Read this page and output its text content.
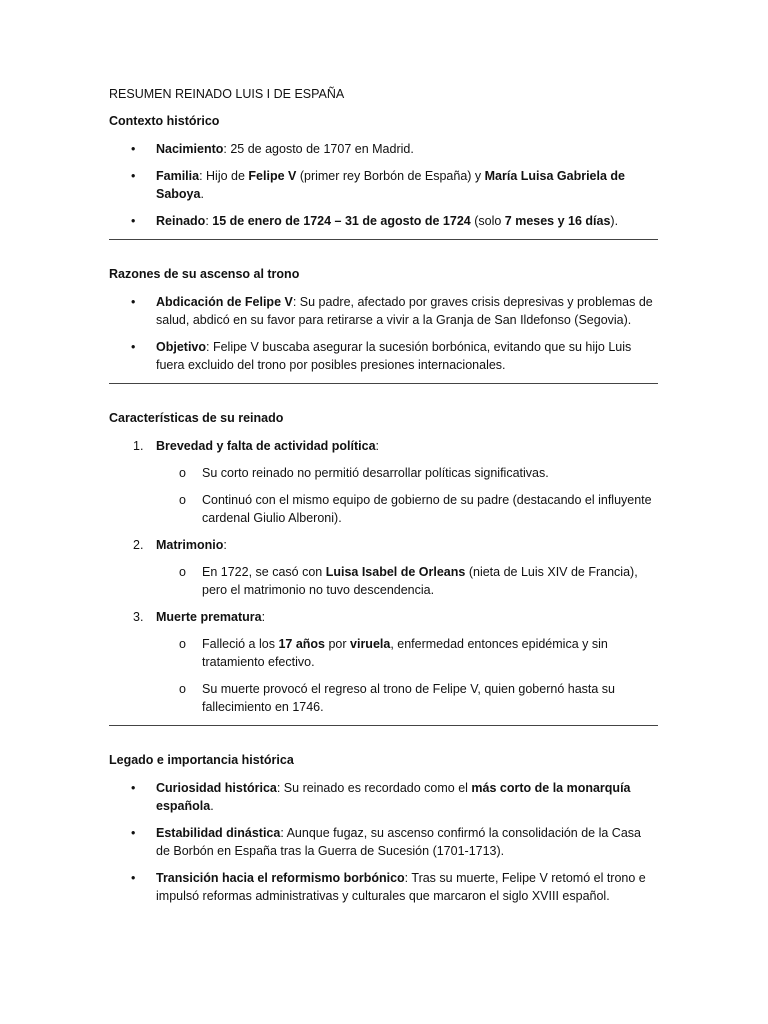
RESUMEN REINADO LUIS I DE ESPAÑA

Contexto histórico

• Nacimiento: 25 de agosto de 1707 en Madrid.
• Familia: Hijo de Felipe V (primer rey Borbón de España) y María Luisa Gabriela de Saboya.
• Reinado: 15 de enero de 1724 – 31 de agosto de 1724 (solo 7 meses y 16 días).

Razones de su ascenso al trono

• Abdicación de Felipe V: Su padre, afectado por graves crisis depresivas y problemas de salud, abdicó en su favor para retirarse a vivir a la Granja de San Ildefonso (Segovia).
• Objetivo: Felipe V buscaba asegurar la sucesión borbónica, evitando que su hijo Luis fuera excluido del trono por posibles presiones internacionales.

Características de su reinado

1. Brevedad y falta de actividad política:
o Su corto reinado no permitió desarrollar políticas significativas.
o Continuó con el mismo equipo de gobierno de su padre (destacando el influyente cardenal Giulio Alberoni).
2. Matrimonio:
o En 1722, se casó con Luisa Isabel de Orleans (nieta de Luis XIV de Francia), pero el matrimonio no tuvo descendencia.
3. Muerte prematura:
o Falleció a los 17 años por viruela, enfermedad entonces epidémica y sin tratamiento efectivo.
o Su muerte provocó el regreso al trono de Felipe V, quien gobernó hasta su fallecimiento en 1746.

Legado e importancia histórica

• Curiosidad histórica: Su reinado es recordado como el más corto de la monarquía española.
• Estabilidad dinástica: Aunque fugaz, su ascenso confirmó la consolidación de la Casa de Borbón en España tras la Guerra de Sucesión (1701-1713).
• Transición hacia el reformismo borbónico: Tras su muerte, Felipe V retomó el trono e impulsó reformas administrativas y culturales que marcaron el siglo XVIII español.
